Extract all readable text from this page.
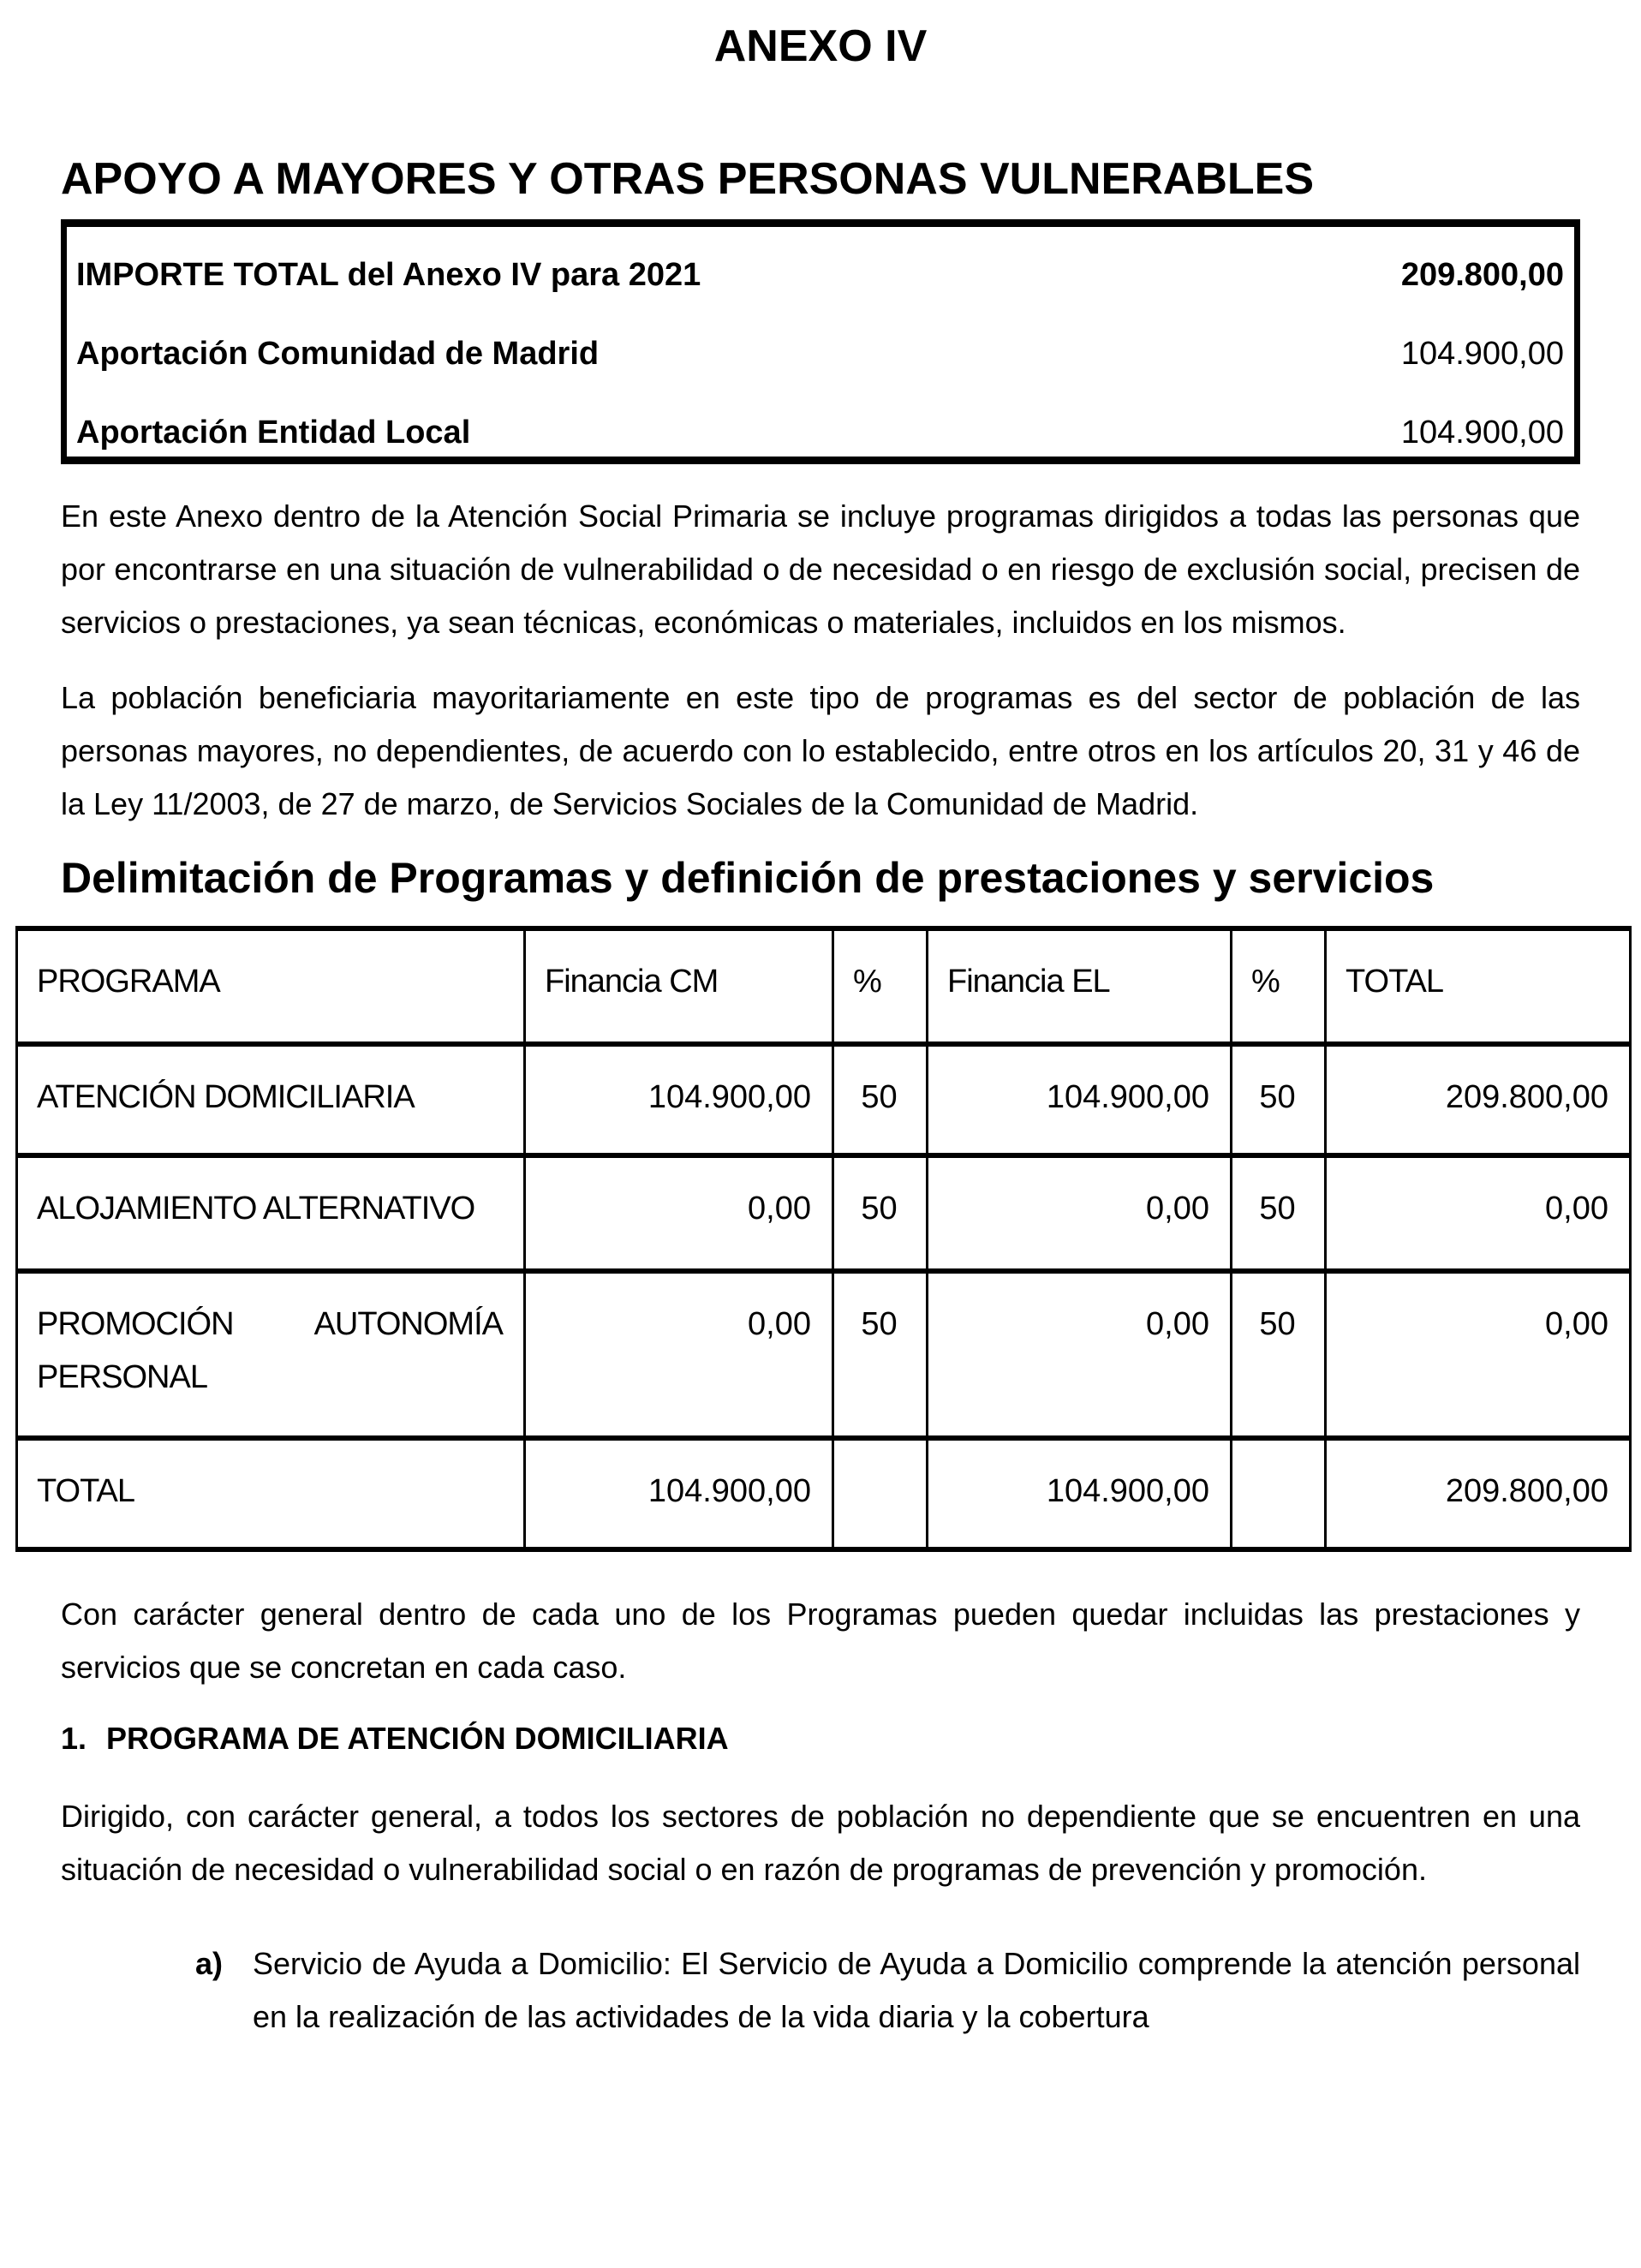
ANEXO IV
APOYO A MAYORES Y OTRAS PERSONAS VULNERABLES
IMPORTE TOTAL del Anexo IV para 2021	209.800,00
Aportación Comunidad de Madrid	104.900,00
Aportación Entidad Local	104.900,00

En este Anexo dentro de la Atención Social Primaria se incluye programas dirigidos a todas las personas que por encontrarse en una situación de vulnerabilidad o de necesidad o en riesgo de exclusión social, precisen de servicios o prestaciones, ya sean técnicas, económicas o materiales, incluidos en los mismos.

La población beneficiaria mayoritariamente en este tipo de programas es del sector de población de las personas mayores, no dependientes, de acuerdo con lo establecido, entre otros en los artículos 20, 31 y 46 de la Ley 11/2003, de 27 de marzo, de Servicios Sociales de la Comunidad de Madrid.

Delimitación de Programas y definición de prestaciones y servicios
PROGRAMA	Financia CM	%	Financia EL	%	TOTAL
ATENCIÓN DOMICILIARIA	104.900,00	50	104.900,00	50	209.800,00
ALOJAMIENTO ALTERNATIVO	0,00	50	0,00	50	0,00
PROMOCIÓN AUTONOMÍA PERSONAL	0,00	50	0,00	50	0,00
TOTAL	104.900,00		104.900,00		209.800,00

Con carácter general dentro de cada uno de los Programas pueden quedar incluidas las prestaciones y servicios que se concretan en cada caso.

1. PROGRAMA DE ATENCIÓN DOMICILIARIA

Dirigido, con carácter general, a todos los sectores de población no dependiente que se encuentren en una situación de necesidad o vulnerabilidad social o en razón de programas de prevención y promoción.

a) Servicio de Ayuda a Domicilio: El Servicio de Ayuda a Domicilio comprende la atención personal en la realización de las actividades de la vida diaria y la cobertura
